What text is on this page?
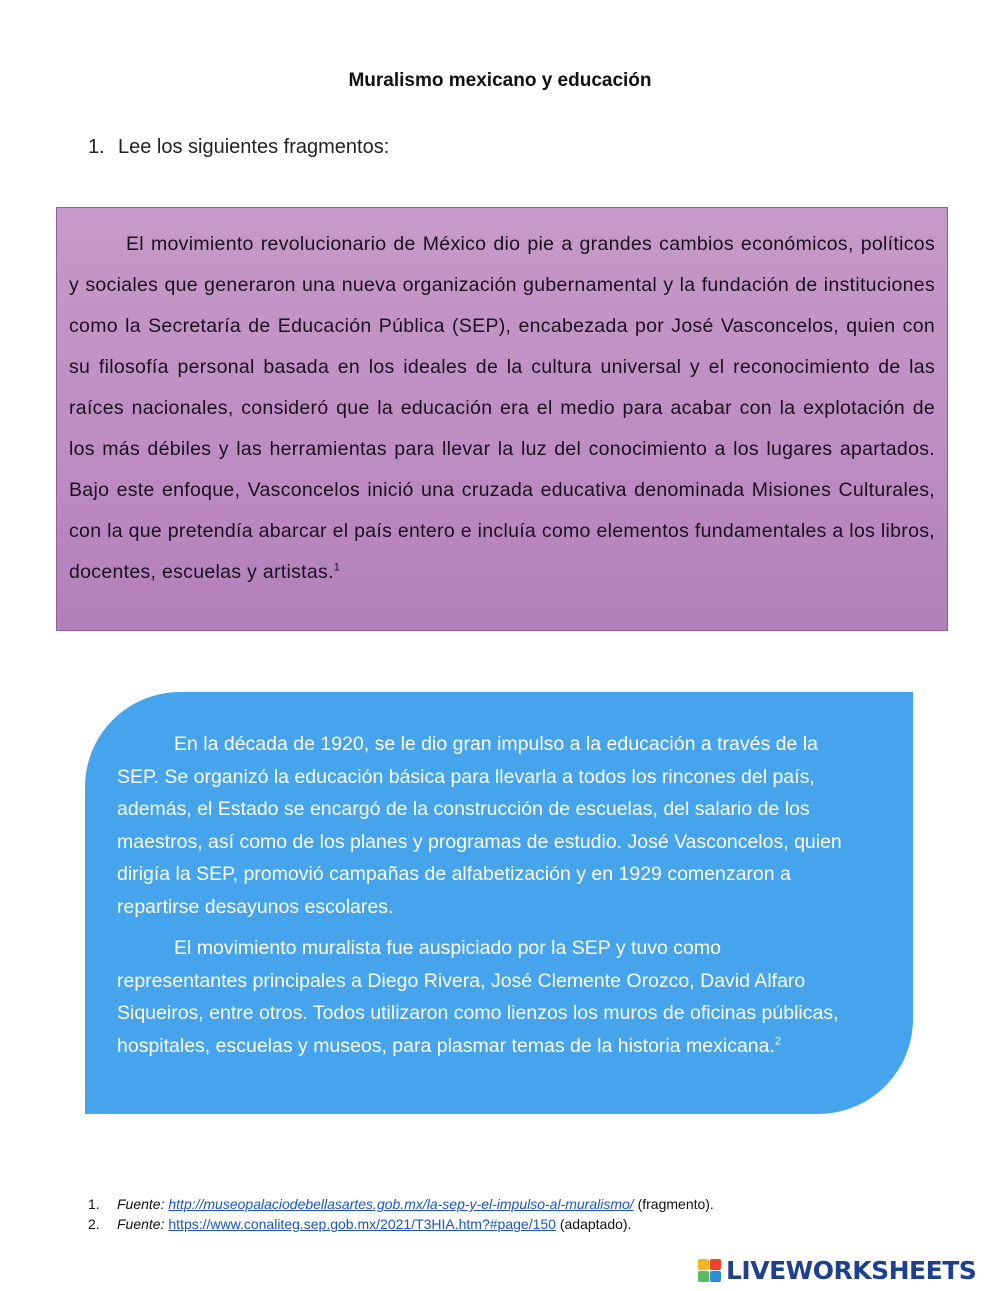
Muralismo mexicano y educación
1. Lee los siguientes fragmentos:

El movimiento revolucionario de México dio pie a grandes cambios económicos, políticos y sociales que generaron una nueva organización gubernamental y la fundación de instituciones como la Secretaría de Educación Pública (SEP), encabezada por José Vasconcelos, quien con su filosofía personal basada en los ideales de la cultura universal y el reconocimiento de las raíces nacionales, consideró que la educación era el medio para acabar con la explotación de los más débiles y las herramientas para llevar la luz del conocimiento a los lugares apartados. Bajo este enfoque, Vasconcelos inició una cruzada educativa denominada Misiones Culturales, con la que pretendía abarcar el país entero e incluía como elementos fundamentales a los libros, docentes, escuelas y artistas.$^1$

En la década de 1920, se le dio gran impulso a la educación a través de la SEP. Se organizó la educación básica para llevarla a todos los rincones del país, además, el Estado se encargó de la construcción de escuelas, del salario de los maestros, así como de los planes y programas de estudio. José Vasconcelos, quien dirigía la SEP, promovió campañas de alfabetización y en 1929 comenzaron a repartirse desayunos escolares.

El movimiento muralista fue auspiciado por la SEP y tuvo como representantes principales a Diego Rivera, José Clemente Orozco, David Alfaro Siqueiros, entre otros. Todos utilizaron como lienzos los muros de oficinas públicas, hospitales, escuelas y museos, para plasmar temas de la historia mexicana.$^2$

1. Fuente: http://museopalaciodebellasartes.gob.mx/la-sep-y-el-impulso-al-muralismo/ (fragmento).
2. Fuente: https://www.conaliteg.sep.gob.mx/2021/T3HIA.htm?#page/150 (adaptado).
LIVEWORKSHEETS
